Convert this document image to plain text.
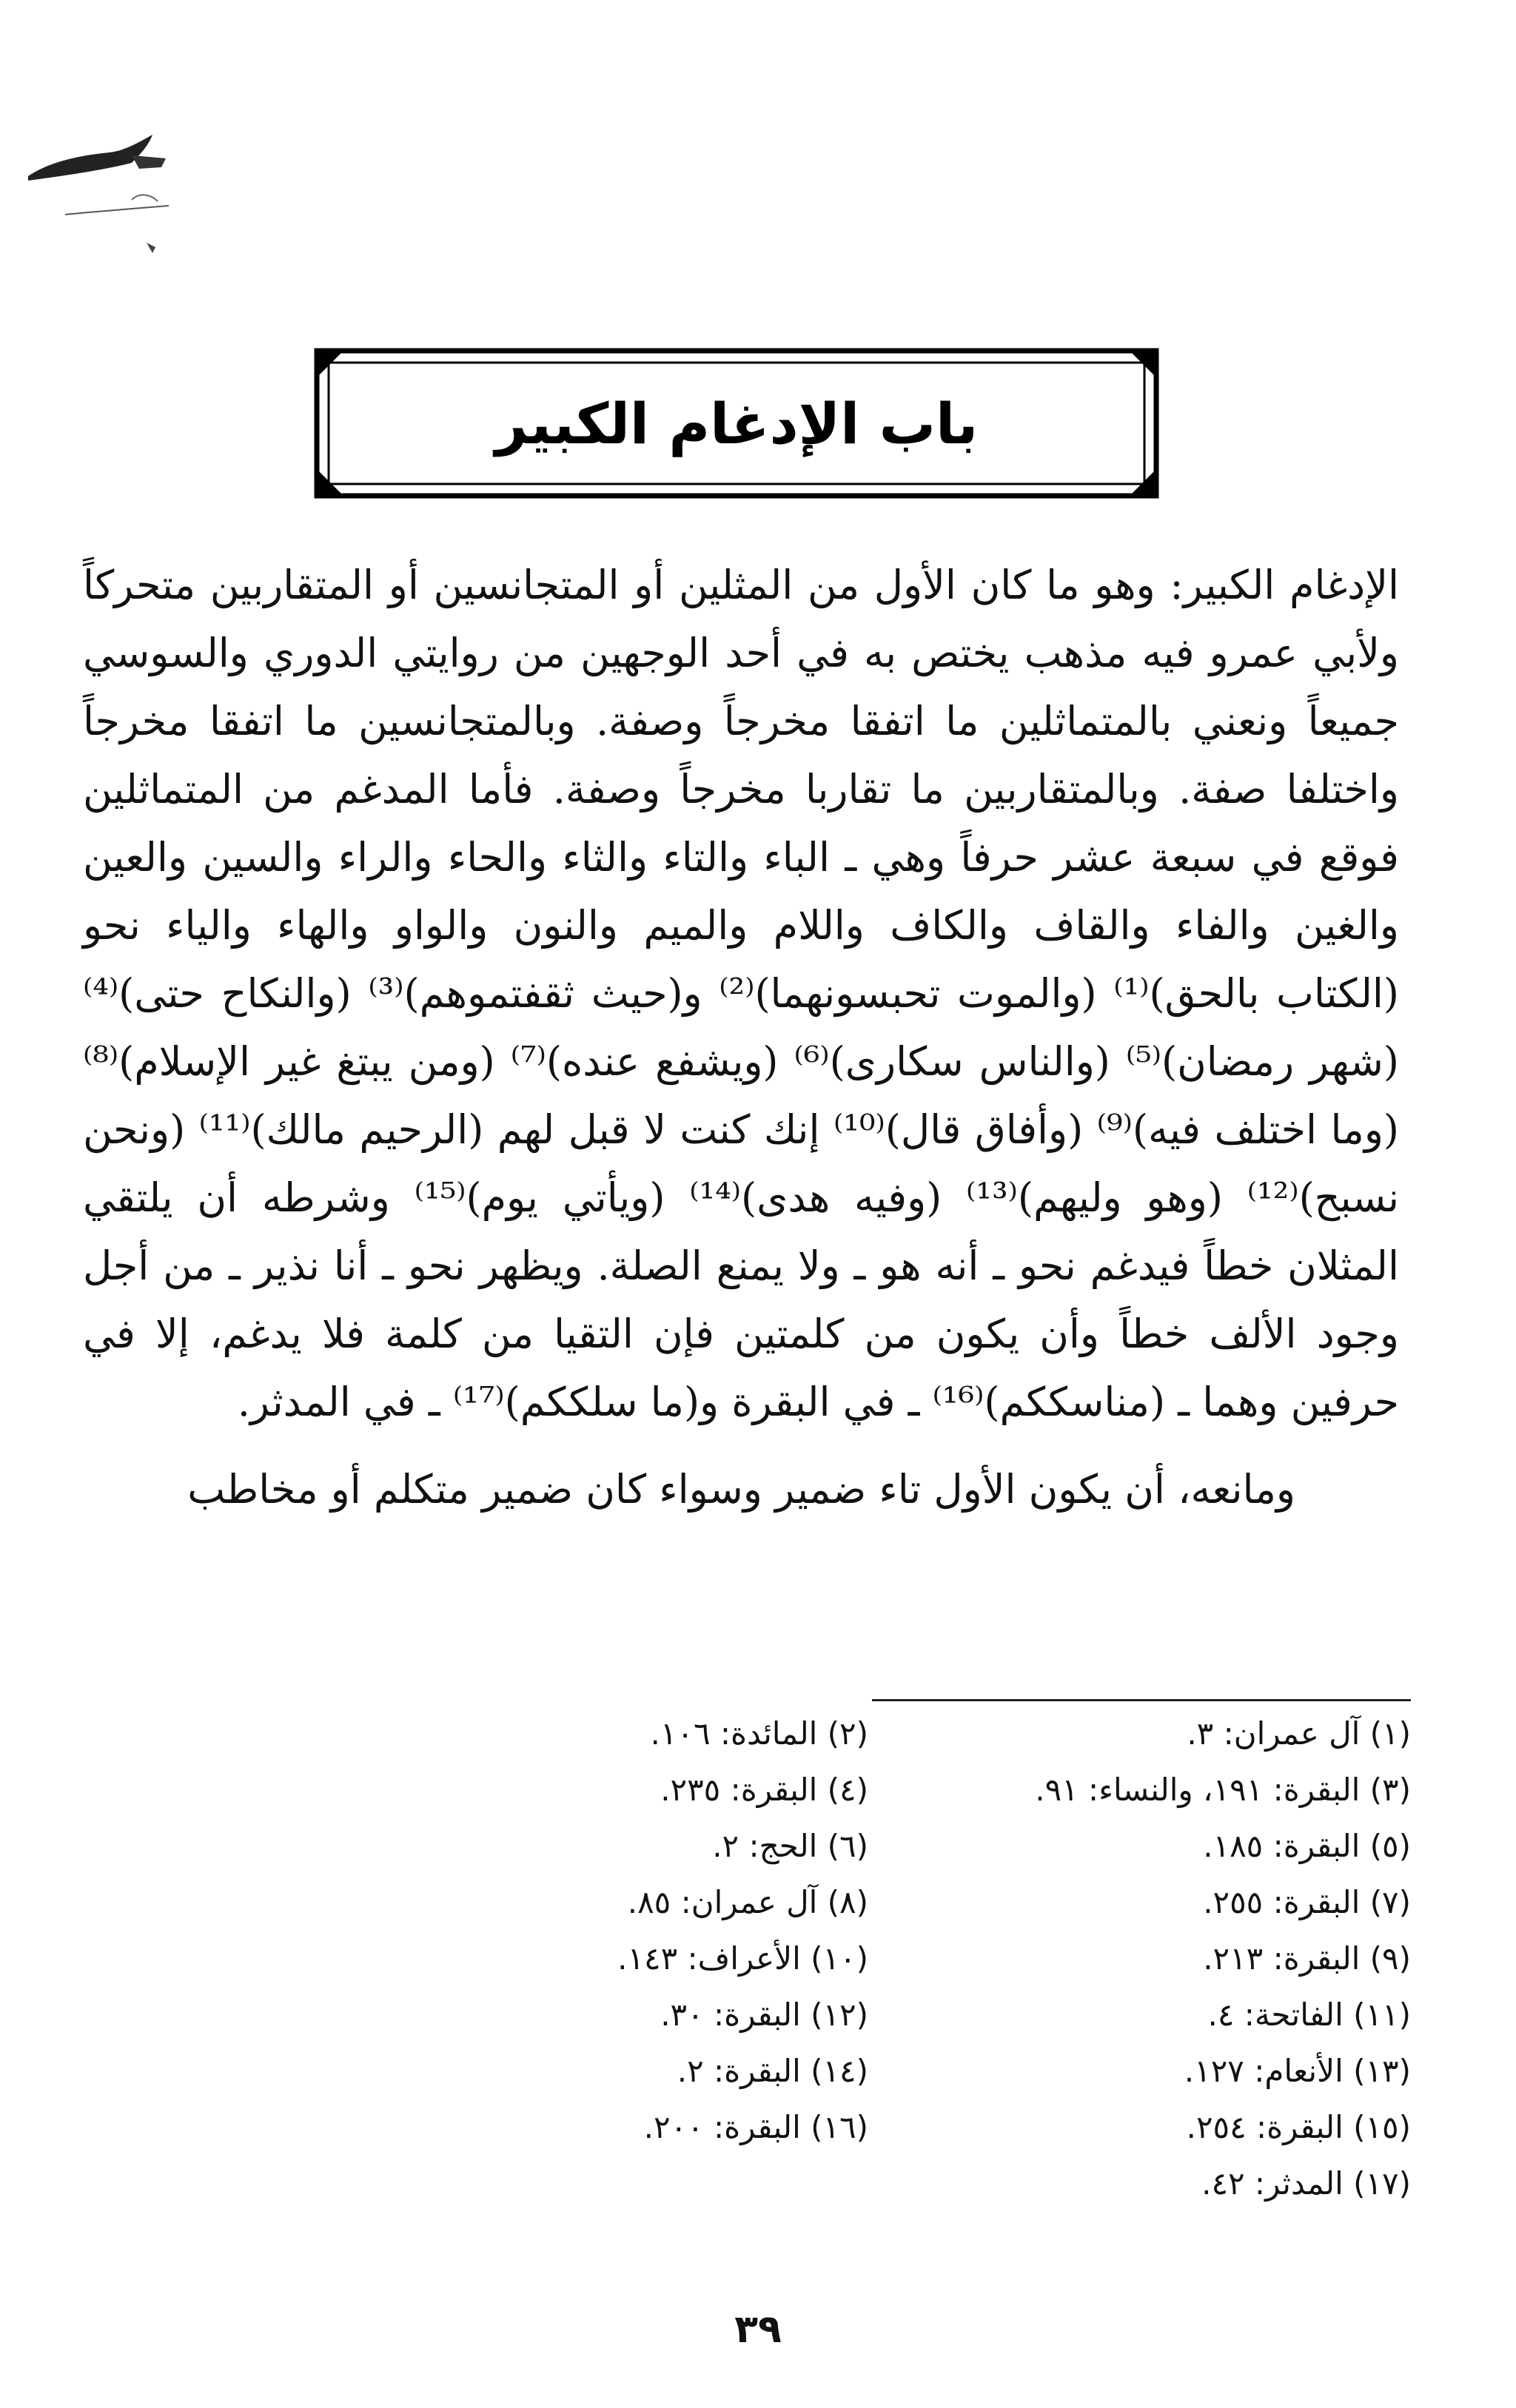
باب الإدغام الكبير

الإدغام الكبير: وهو ما كان الأول من المثلين أو المتجانسين أو المتقاربين متحركاً ولأبي عمرو فيه مذهب يختص به في أحد الوجهين من روايتي الدوري والسوسي جميعاً ونعني بالمتماثلين ما اتفقا مخرجاً وصفة. وبالمتجانسين ما اتفقا مخرجاً واختلفا صفة. وبالمتقاربين ما تقاربا مخرجاً وصفة. فأما المدغم من المتماثلين فوقع في سبعة عشر حرفاً وهي ـ الباء والتاء والثاء والحاء والراء والسين والعين والغين والفاء والقاف والكاف واللام والميم والنون والواو والهاء والياء نحو (الكتاب بالحق)⁽¹⁾ (والموت تحبسونهما)⁽²⁾ و(حيث ثقفتموهم)⁽³⁾ (والنكاح حتى)⁽⁴⁾ (شهر رمضان)⁽⁵⁾ (والناس سكارى)⁽⁶⁾ (ويشفع عنده)⁽⁷⁾ (ومن يبتغ غير الإسلام)⁽⁸⁾ (وما اختلف فيه)⁽⁹⁾ (وأفاق قال)⁽¹⁰⁾ إنك كنت لا قبل لهم (الرحيم مالك)⁽¹¹⁾ (ونحن نسبح)⁽¹²⁾ (وهو وليهم)⁽¹³⁾ (وفيه هدى)⁽¹⁴⁾ (ويأتي يوم)⁽¹⁵⁾ وشرطه أن يلتقي المثلان خطاً فيدغم نحو ـ أنه هو ـ ولا يمنع الصلة. ويظهر نحو ـ أنا نذير ـ من أجل وجود الألف خطاً وأن يكون من كلمتين فإن التقيا من كلمة فلا يدغم، إلا في حرفين وهما ـ (مناسككم)⁽¹⁶⁾ ـ في البقرة و(ما سلككم)⁽¹⁷⁾ ـ في المدثر.

ومانعه، أن يكون الأول تاء ضمير وسواء كان ضمير متكلم أو مخاطب

(١) آل عمران: ٣.
(٣) البقرة: ١٩١، والنساء: ٩١.
(٥) البقرة: ١٨٥.
(٧) البقرة: ٢٥٥.
(٩) البقرة: ٢١٣.
(١١) الفاتحة: ٤.
(١٣) الأنعام: ١٢٧.
(١٥) البقرة: ٢٥٤.
(١٧) المدثر: ٤٢.
(٢) المائدة: ١٠٦.
(٤) البقرة: ٢٣٥.
(٦) الحج: ٢.
(٨) آل عمران: ٨٥.
(١٠) الأعراف: ١٤٣.
(١٢) البقرة: ٣٠.
(١٤) البقرة: ٢.
(١٦) البقرة: ٢٠٠.
٣٩
